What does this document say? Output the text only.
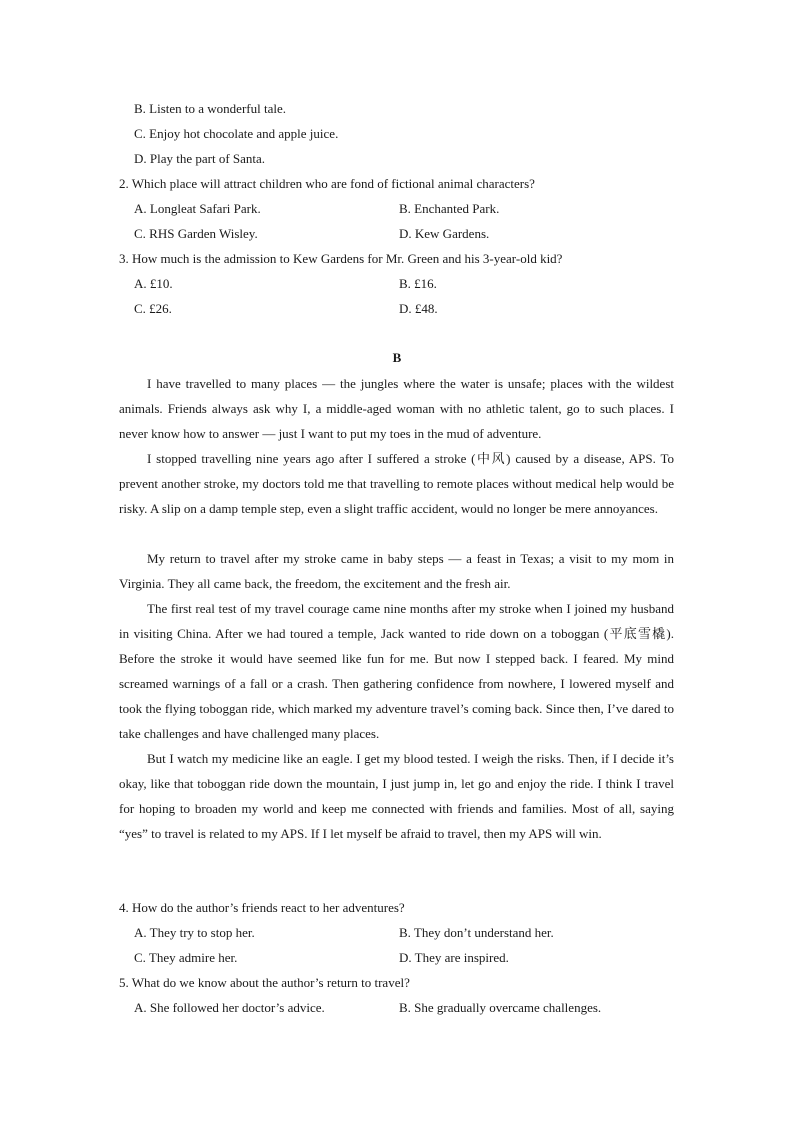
B. Listen to a wonderful tale.
C. Enjoy hot chocolate and apple juice.
D. Play the part of Santa.
2. Which place will attract children who are fond of fictional animal characters?
A. Longleat Safari Park.	B. Enchanted Park.
C. RHS Garden Wisley.	D. Kew Gardens.
3. How much is the admission to Kew Gardens for Mr. Green and his 3-year-old kid?
A. £10.	B. £16.
C. £26.	D. £48.
B
I have travelled to many places — the jungles where the water is unsafe; places with the wildest animals. Friends always ask why I, a middle-aged woman with no athletic talent, go to such places. I never know how to answer — just I want to put my toes in the mud of adventure.
I stopped travelling nine years ago after I suffered a stroke (中风) caused by a disease, APS. To prevent another stroke, my doctors told me that travelling to remote places without medical help would be risky. A slip on a damp temple step, even a slight traffic accident, would no longer be mere annoyances.
My return to travel after my stroke came in baby steps — a feast in Texas; a visit to my mom in Virginia. They all came back, the freedom, the excitement and the fresh air.
The first real test of my travel courage came nine months after my stroke when I joined my husband in visiting China. After we had toured a temple, Jack wanted to ride down on a toboggan (平底雪橇). Before the stroke it would have seemed like fun for me. But now I stepped back. I feared. My mind screamed warnings of a fall or a crash. Then gathering confidence from nowhere, I lowered myself and took the flying toboggan ride, which marked my adventure travel’s coming back. Since then, I’ve dared to take challenges and have challenged many places.
But I watch my medicine like an eagle. I get my blood tested. I weigh the risks. Then, if I decide it’s okay, like that toboggan ride down the mountain, I just jump in, let go and enjoy the ride. I think I travel for hoping to broaden my world and keep me connected with friends and families. Most of all, saying “yes” to travel is related to my APS. If I let myself be afraid to travel, then my APS will win.
4. How do the author’s friends react to her adventures?
A. They try to stop her.	B. They don’t understand her.
C. They admire her.	D. They are inspired.
5. What do we know about the author’s return to travel?
A. She followed her doctor’s advice.	B. She gradually overcame challenges.
